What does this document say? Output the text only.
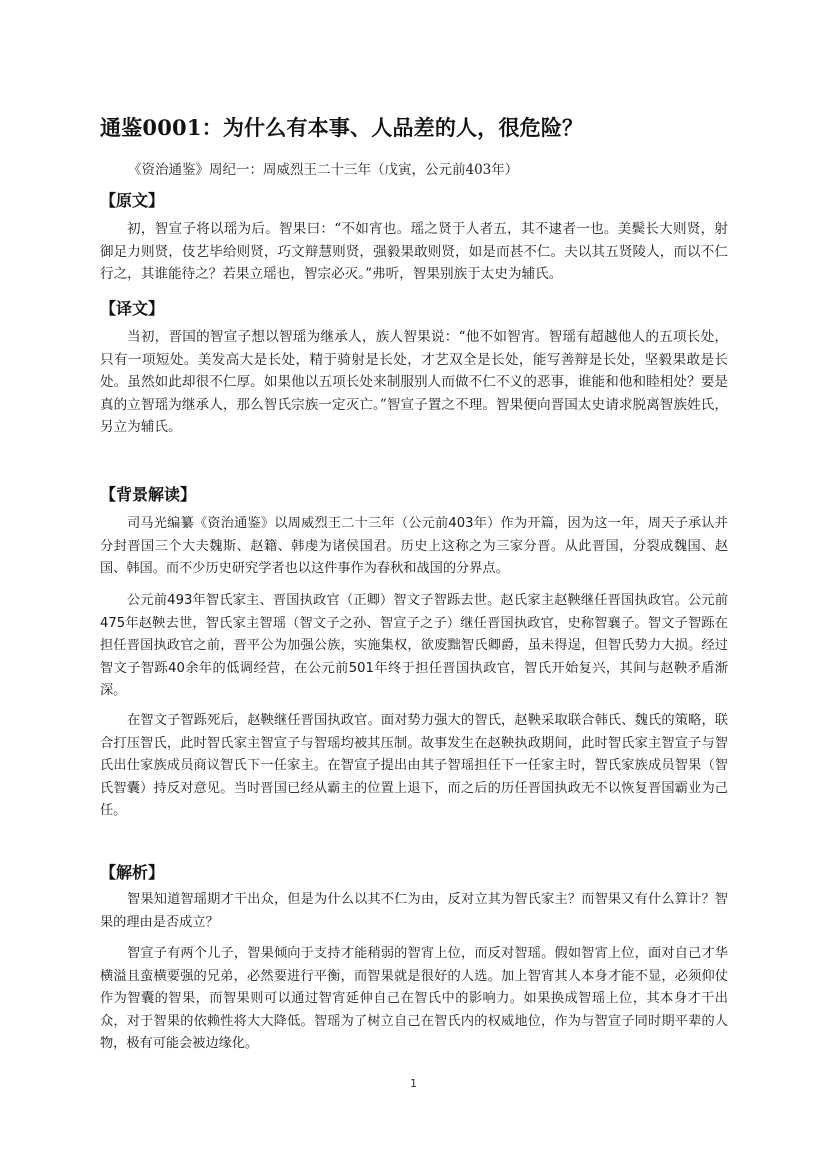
通鉴0001：为什么有本事、人品差的人，很危险？

《资治通鉴》周纪一：周威烈王二十三年（戊寅，公元前403年）

【原文】

初，智宣子将以瑶为后。智果曰：“不如宵也。瑶之贤于人者五，其不逮者一也。美鬓长大则贤，射御足力则贤，伎艺毕给则贤，巧文辩慧则贤，强毅果敢则贤，如是而甚不仁。夫以其五贤陵人，而以不仁行之，其谁能待之？若果立瑶也，智宗必灭。”弗听，智果别族于太史为辅氏。

【译文】

当初，晋国的智宣子想以智瑶为继承人，族人智果说：“他不如智宵。智瑶有超越他人的五项长处，只有一项短处。美发高大是长处，精于骑射是长处，才艺双全是长处，能写善辩是长处，坚毅果敢是长处。虽然如此却很不仁厚。如果他以五项长处来制服别人而做不仁不义的恶事，谁能和他和睦相处？要是真的立智瑶为继承人，那么智氏宗族一定灭亡。”智宣子置之不理。智果便向晋国太史请求脱离智族姓氏，另立为辅氏。

【背景解读】

司马光编纂《资治通鉴》以周威烈王二十三年（公元前403年）作为开篇，因为这一年，周天子承认并分封晋国三个大夫魏斯、赵籍、韩虔为诸侯国君。历史上这称之为三家分晋。从此晋国，分裂成魏国、赵国、韩国。而不少历史研究学者也以这件事作为春秋和战国的分界点。

公元前493年智氏家主、晋国执政官（正卿）智文子智跞去世。赵氏家主赵鞅继任晋国执政官。公元前475年赵鞅去世，智氏家主智瑶（智文子之孙、智宣子之子）继任晋国执政官，史称智襄子。智文子智跞在担任晋国执政官之前，晋平公为加强公族，实施集权，欲废黜智氏卿爵，虽未得逞，但智氏势力大损。经过智文子智跞40余年的低调经营，在公元前501年终于担任晋国执政官，智氏开始复兴，其间与赵鞅矛盾渐深。

在智文子智跞死后，赵鞅继任晋国执政官。面对势力强大的智氏，赵鞅采取联合韩氏、魏氏的策略，联合打压智氏，此时智氏家主智宣子与智瑶均被其压制。故事发生在赵鞅执政期间，此时智氏家主智宣子与智氏出仕家族成员商议智氏下一任家主。在智宣子提出由其子智瑶担任下一任家主时，智氏家族成员智果（智氏智囊）持反对意见。当时晋国已经从霸主的位置上退下，而之后的历任晋国执政无不以恢复晋国霸业为己任。

【解析】

智果知道智瑶期才干出众，但是为什么以其不仁为由，反对立其为智氏家主？而智果又有什么算计？智果的理由是否成立？

智宣子有两个儿子，智果倾向于支持才能稍弱的智宵上位，而反对智瑶。假如智宵上位，面对自己才华横溢且蛮横要强的兄弟，必然要进行平衡，而智果就是很好的人选。加上智宵其人本身才能不显，必须仰仗作为智囊的智果，而智果则可以通过智宵延伸自己在智氏中的影响力。如果换成智瑶上位，其本身才干出众，对于智果的依赖性将大大降低。智瑶为了树立自己在智氏内的权威地位，作为与智宣子同时期平辈的人物，极有可能会被边缘化。

1
